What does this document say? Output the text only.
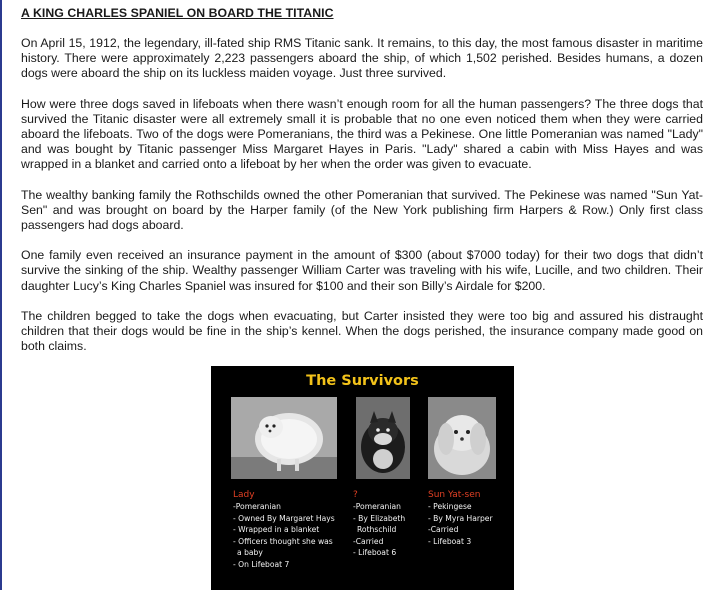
A KING CHARLES SPANIEL ON BOARD THE TITANIC

On April 15, 1912, the legendary, ill-fated ship RMS Titanic sank. It remains, to this day, the most famous disaster in maritime history. There were approximately 2,223 passengers aboard the ship, of which 1,502 perished. Besides humans, a dozen dogs were aboard the ship on its luckless maiden voyage. Just three survived.

How were three dogs saved in lifeboats when there wasn’t enough room for all the human passengers? The three dogs that survived the Titanic disaster were all extremely small it is probable that no one even noticed them when they were carried aboard the lifeboats. Two of the dogs were Pomeranians, the third was a Pekinese. One little Pomeranian was named "Lady" and was bought by Titanic passenger Miss Margaret Hayes in Paris. "Lady" shared a cabin with Miss Hayes and was wrapped in a blanket and carried onto a lifeboat by her when the order was given to evacuate.

The wealthy banking family the Rothschilds owned the other Pomeranian that survived. The Pekinese was named "Sun Yat-Sen" and was brought on board by the Harper family (of the New York publishing firm Harpers & Row.) Only first class passengers had dogs aboard.

One family even received an insurance payment in the amount of $300 (about $7000 today) for their two dogs that didn’t survive the sinking of the ship. Wealthy passenger William Carter was traveling with his wife, Lucille, and two children. Their daughter Lucy’s King Charles Spaniel was insured for $100 and their son Billy’s Airdale for $200.

The children begged to take the dogs when evacuating, but Carter insisted they were too big and assured his distraught children that their dogs would be fine in the ship’s kennel. When the dogs perished, the insurance company made good on both claims.

The Survivors
Lady
-Pomeranian
- Owned By Margaret Hays
- Wrapped in a blanket
- Officers thought she was
a baby
- On Lifeboat 7
?
-Pomeranian
- By Elizabeth
Rothschild
-Carried
- Lifeboat 6
Sun Yat-sen
- Pekingese
- By Myra Harper
-Carried
- Lifeboat 3
